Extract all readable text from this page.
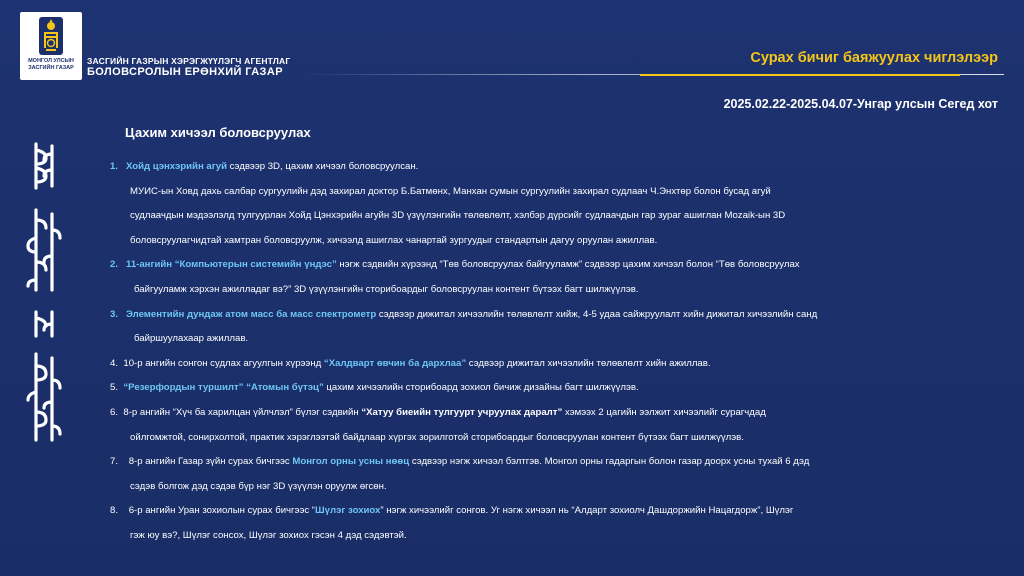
МОНГОЛ УЛСЫН
ЗАСГИЙН ГАЗАР
ЗАСГИЙН ГАЗРЫН ХЭРЭГЖҮҮЛЭГЧ АГЕНТЛАГ
БОЛОВСРОЛЫН ЕРӨНХИЙ ГАЗАР
Сурах бичиг баяжуулах чиглэлээр
2025.02.22-2025.04.07-Унгар улсын Сегед хот
Цахим хичээл боловсруулах
1. Хойд цэнхэрийн агуй сэдвээр 3D, цахим хичээл боловсруулсан.
МУИС-ын Ховд дахь салбар сургуулийн дэд захирал доктор Б.Батмөнх, Манхан сумын сургуулийн захирал судлаач Ч.Энхтөр болон бусад агуй
судлаачдын мэдээлэлд тулгуурлан Хойд Цэнхэрийн агуйн 3D үзүүлэнгийн төлөвлөлт, хэлбэр дүрсийг судлаачдын гар зураг ашиглан Mozaik-ын 3D
боловсруулагчидтай хамтран боловсруулж, хичээлд ашиглах чанартай зургуудыг стандартын дагуу оруулан ажиллав.
2. 11-ангийн “Компьютерын системийн үндэс” нэгж сэдвийн хүрээнд “Төв боловсруулах байгууламж” сэдвээр цахим хичээл болон “Төв боловсруулах
байгууламж хэрхэн ажилладаг вэ?” 3D үзүүлэнгийн сторибоардыг боловсруулан контент бүтээх багт шилжүүлэв.
3. Элементийн дундаж атом масс ба масс спектрометр сэдвээр дижитал хичээлийн төлөвлөлт хийж, 4-5 удаа сайжруулалт хийн дижитал хичээлийн санд
байршуулахаар ажиллав.
4. 10-р ангийн сонгон судлах агуулгын хүрээнд “Халдварт өвчин ба дархлаа” сэдвээр дижитал хичээлийн төлөвлөлт хийн ажиллав.
5. “Резерфордын туршилт” “Атомын бүтэц” цахим хичээлийн сторибоард зохиол бичиж дизайны багт шилжүүлэв.
6. 8-р ангийн “Хүч ба харилцан үйлчлэл” бүлэг сэдвийн “Хатуу биеийн тулгуурт учруулах даралт” хэмээх 2 цагийн ээлжит хичээлийг сурагчдад
ойлгомжтой, сонирхолтой, практик хэрэглээтэй байдлаар хүргэх зорилготой сторибоардыг боловсруулан контент бүтээх багт шилжүүлэв.
7. 8-р ангийн Газар зүйн сурах бичгээс Монгол орны усны нөөц сэдвээр нэгж хичээл бэлтгэв. Монгол орны гадаргын болон газар доорх усны тухай 6 дэд
сэдэв болгож дэд сэдэв бүр нэг 3D үзүүлэн оруулж өгсөн.
8. 6-р ангийн Уран зохиолын сурах бичгээс “Шүлэг зохиох” нэгж хичээлийг сонгов. Уг нэгж хичээл нь “Алдарт зохиолч Дашдоржийн Нацагдорж”, Шүлэг
гэж юу вэ?, Шүлэг сонсох, Шүлэг зохиох гэсэн 4 дэд сэдэвтэй.
